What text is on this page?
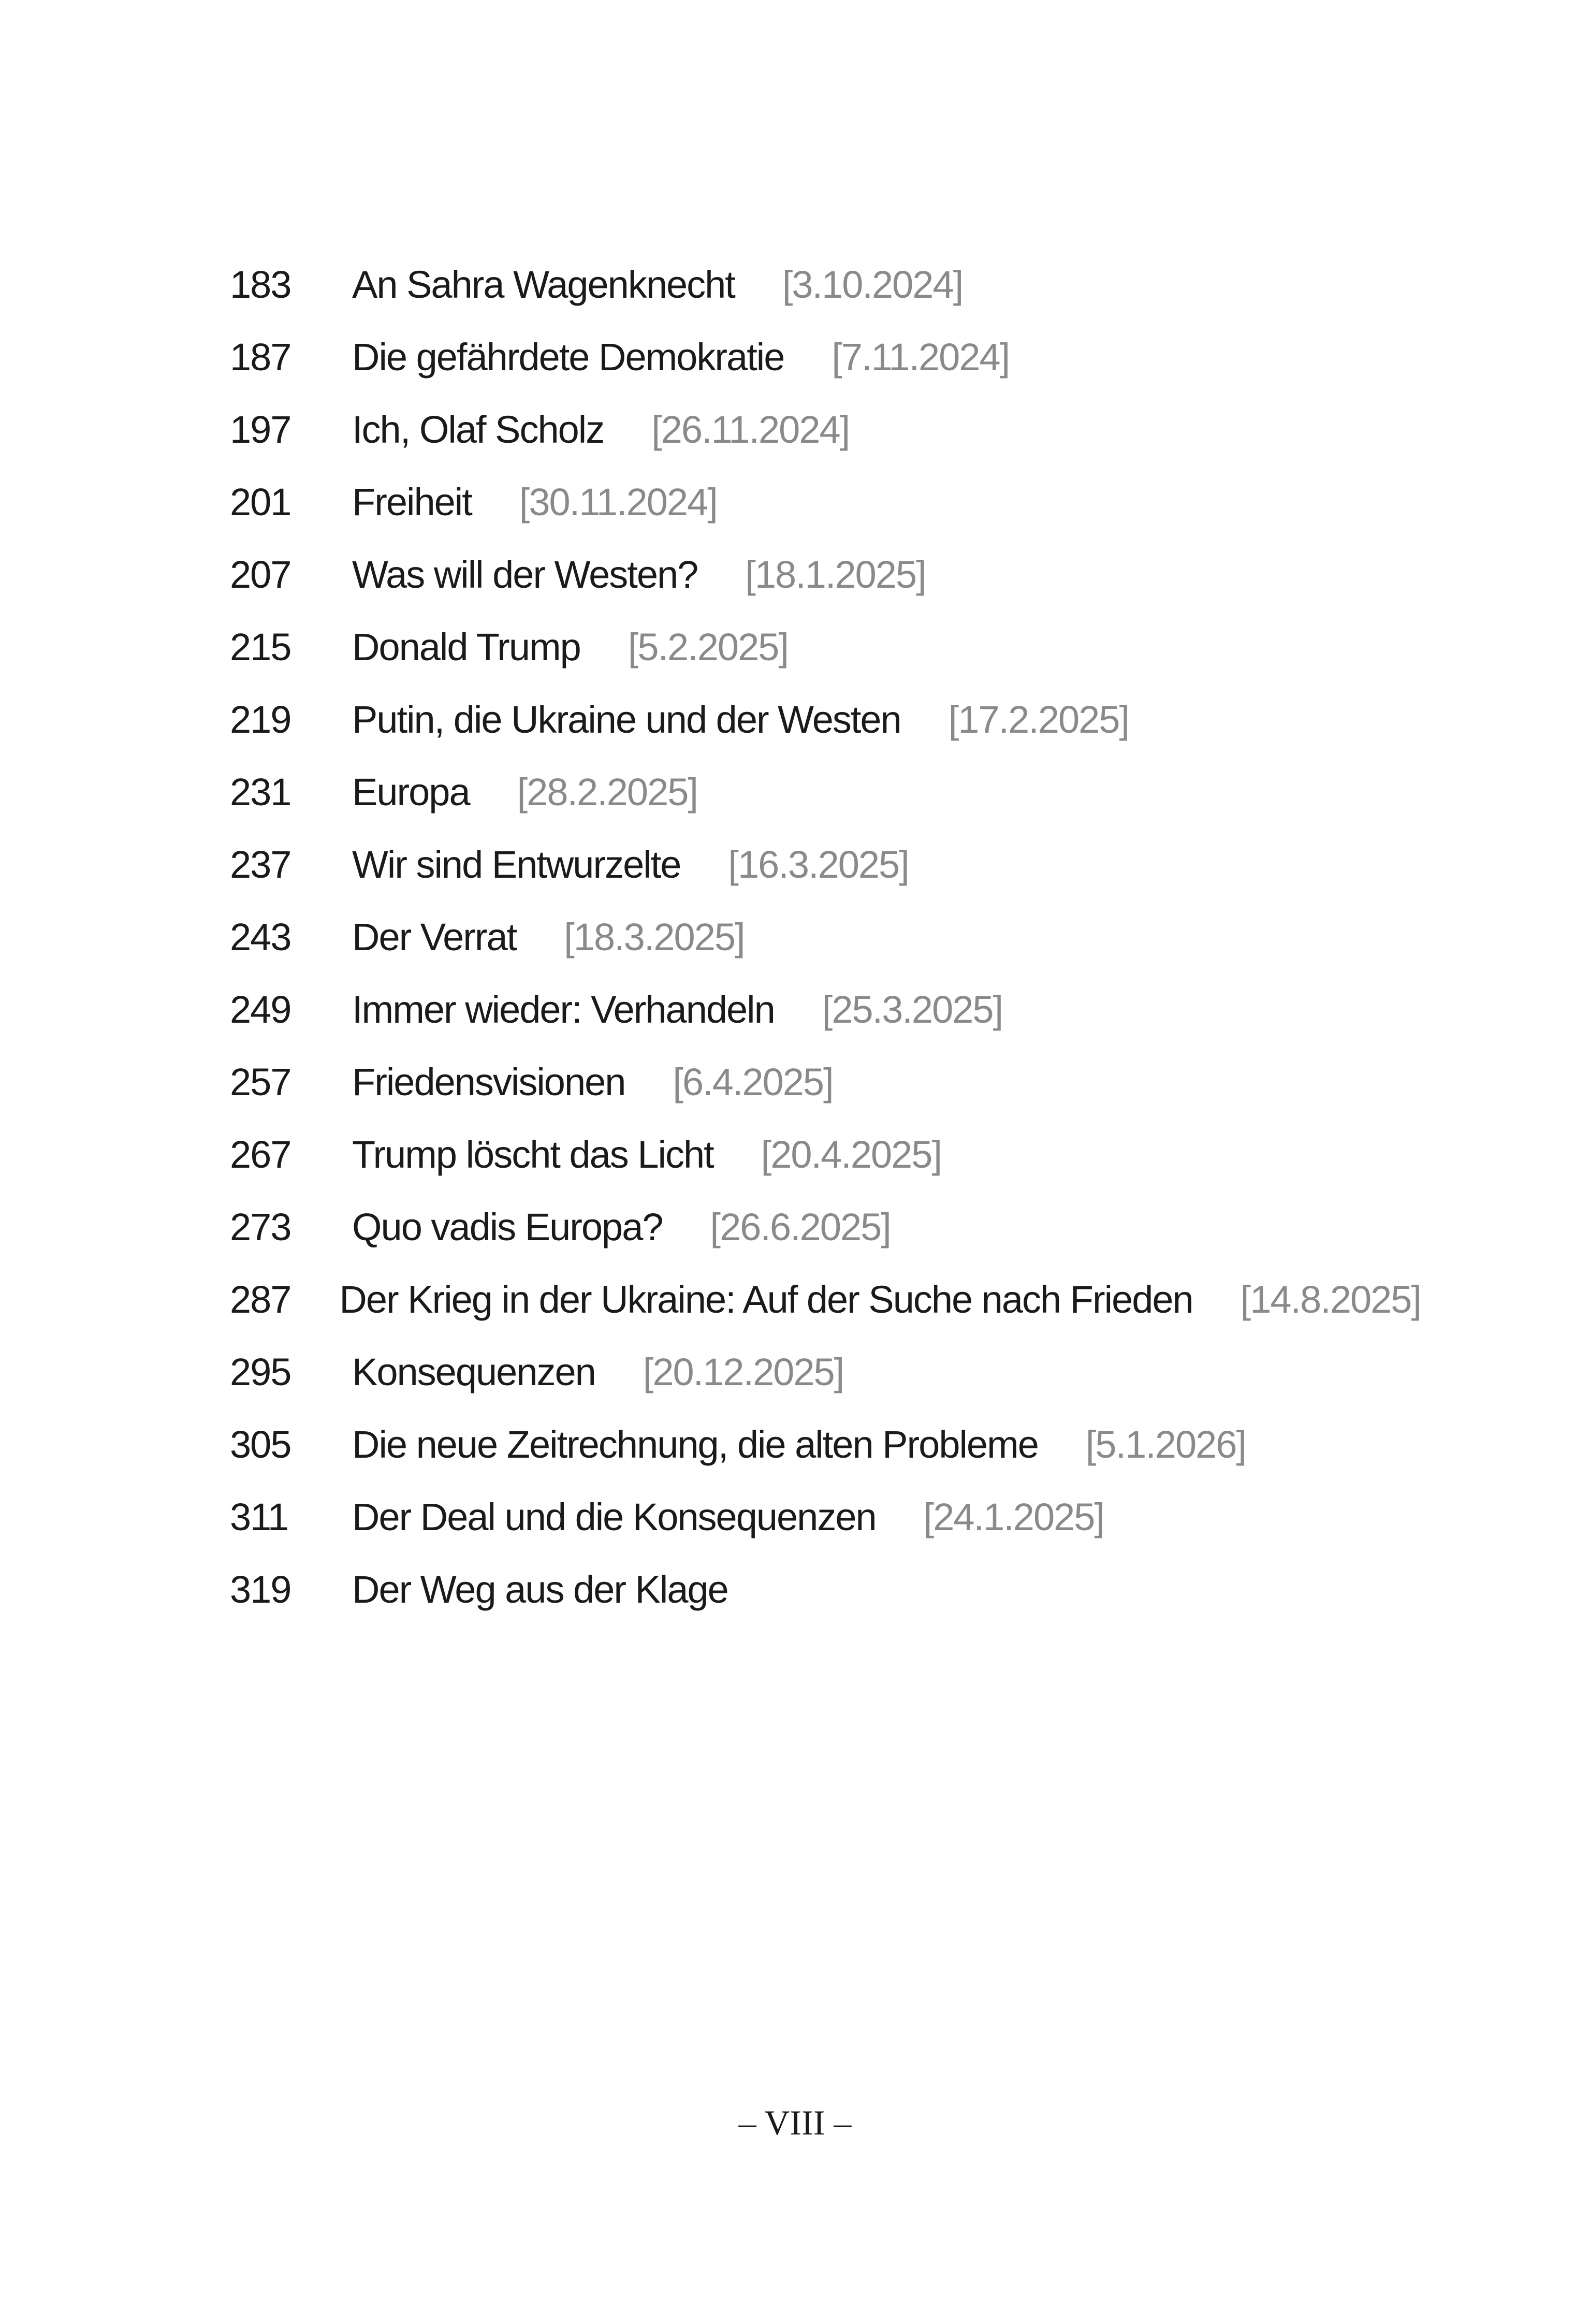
183	An Sahra Wagenknecht [3.10.2024]
187	Die gefährdete Demokratie [7.11.2024]
197	Ich, Olaf Scholz [26.11.2024]
201	Freiheit [30.11.2024]
207	Was will der Westen? [18.1.2025]
215	Donald Trump [5.2.2025]
219	Putin, die Ukraine und der Westen [17.2.2025]
231	Europa [28.2.2025]
237	Wir sind Entwurzelte [16.3.2025]
243	Der Verrat [18.3.2025]
249	Immer wieder: Verhandeln [25.3.2025]
257	Friedensvisionen [6.4.2025]
267	Trump löscht das Licht [20.4.2025]
273	Quo vadis Europa? [26.6.2025]
287	Der Krieg in der Ukraine: Auf der Suche nach Frieden [14.8.2025]
295	Konsequenzen [20.12.2025]
305	Die neue Zeitrechnung, die alten Probleme [5.1.2026]
311	Der Deal und die Konsequenzen [24.1.2025]
319	Der Weg aus der Klage
– VIII –
